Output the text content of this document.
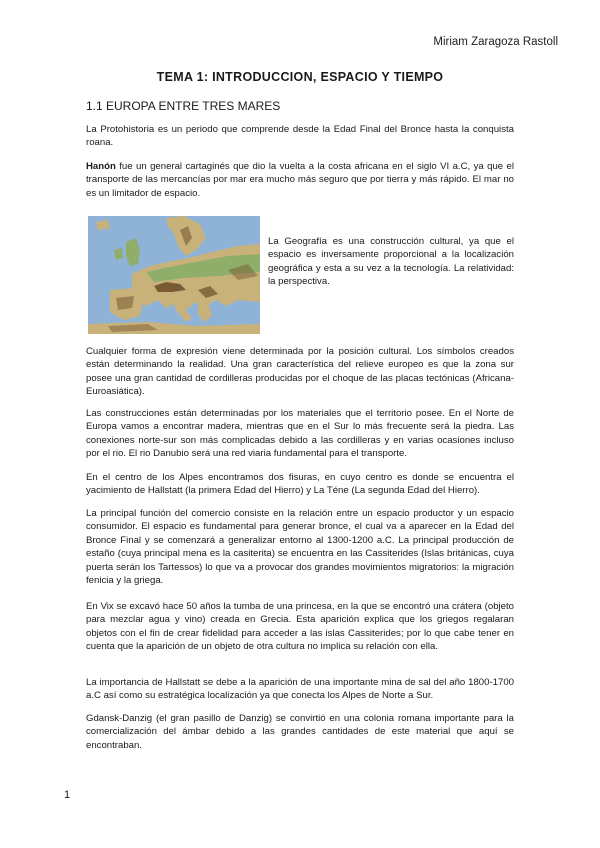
Miriam Zaragoza Rastoll
TEMA 1: INTRODUCCION, ESPACIO Y TIEMPO
1.1 EUROPA ENTRE TRES MARES

La Protohistoria es un periodo que comprende desde la Edad Final del Bronce hasta la conquista roana.

Hanón fue un general cartaginés que dio la vuelta a la costa africana en el siglo VI a.C, ya que el transporte de las mercancías por mar era mucho más seguro que por tierra y más rápido. El mar no es un limitador de espacio.

La Geografía es una construcción cultural, ya que el espacio es inversamente proporcional a la localización geográfica y esta a su vez a la tecnología. La relatividad: la perspectiva.

Cualquier forma de expresión viene determinada por la posición cultural. Los símbolos creados están determinando la realidad. Una gran característica del relieve europeo es que la zona sur posee una gran cantidad de cordilleras producidas por el choque de las placas tectónicas (Africana- Euroasiática).

Las construcciones están determinadas por los materiales que el territorio posee. En el Norte de Europa vamos a encontrar madera, mientras que en el Sur lo más frecuente será la piedra. Las conexiones norte-sur son más complicadas debido a las cordilleras y en varias ocasiones incluso por el rio. El rio Danubio será una red viaria fundamental para el transporte.

En el centro de los Alpes encontramos dos fisuras, en cuyo centro es donde se encuentra el yacimiento de Hallstatt (la primera Edad del Hierro) y La Téne (La segunda Edad del Hierro).

La principal función del comercio consiste en la relación entre un espacio productor y un espacio consumidor. El espacio es fundamental para generar bronce, el cual va a aparecer en la Edad del Bronce Final y se comenzará a generalizar entorno al 1300-1200 a.C. La principal producción de estaño (cuya principal mena es la casiterita) se encuentra en las Cassiterides (Islas británicas, cuya puerta serán los Tartessos) lo que va a provocar dos grandes movimientos migratorios: la migración fenicia y la griega.

En Vix se excavó hace 50 años la tumba de una princesa, en la que se encontró una crátera (objeto para mezclar agua y vino) creada en Grecia. Esta aparición explica que los griegos regalaran objetos con el fin de crear fidelidad para acceder a las islas Cassiterides; por lo que cabe tener en cuenta que la aparición de un objeto de otra cultura no implica su relación con ella.

La importancia de Hallstatt se debe a la aparición de una importante mina de sal del año 1800-1700 a.C así como su estratégica localización ya que conecta los Alpes de Norte a Sur.

Gdansk-Danzig (el gran pasillo de Danzig) se convirtió en una colonia romana importante para la comercialización del ámbar debido a las grandes cantidades de este material que aquí se encontraban.

1
